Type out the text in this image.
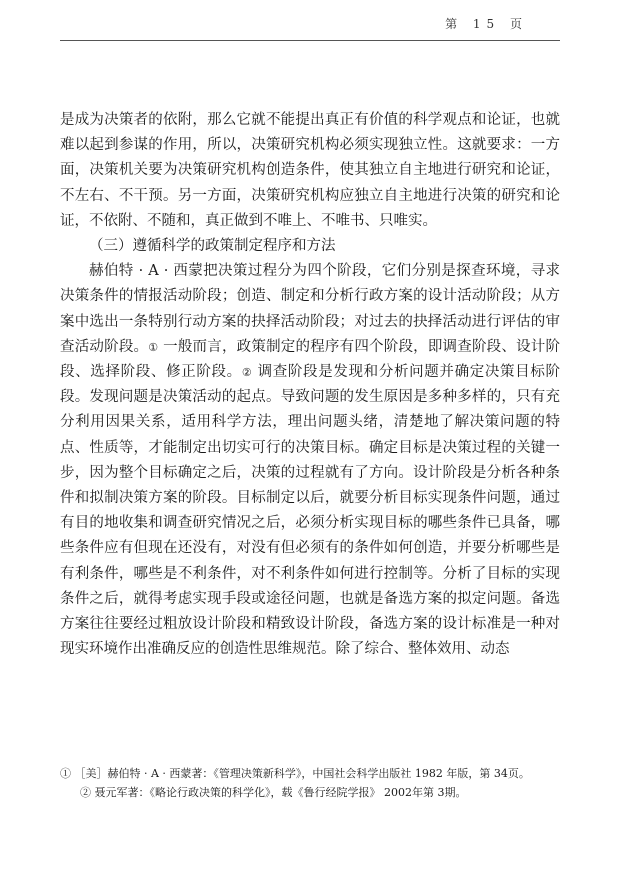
第 15 页

是成为决策者的依附，那么它就不能提出真正有价值的科学观点和论证，也就难以起到参谋的作用，所以，决策研究机构必须实现独立性。这就要求：一方面，决策机关要为决策研究机构创造条件，使其独立自主地进行研究和论证，不左右、不干预。另一方面，决策研究机构应独立自主地进行决策的研究和论证，不依附、不随和，真正做到不唯上、不唯书、只唯实。

（三）遵循科学的政策制定程序和方法

赫伯特 · A · 西蒙把决策过程分为四个阶段，它们分别是探查环境，寻求决策条件的情报活动阶段；创造、制定和分析行政方案的设计活动阶段；从方案中选出一条特别行动方案的抉择活动阶段；对过去的抉择活动进行评估的审查活动阶段。① 一般而言，政策制定的程序有四个阶段，即调查阶段、设计阶段、选择阶段、修正阶段。② 调查阶段是发现和分析问题并确定决策目标阶段。发现问题是决策活动的起点。导致问题的发生原因是多种多样的，只有充分利用因果关系，适用科学方法，理出问题头绪，清楚地了解决策问题的特点、性质等，才能制定出切实可行的决策目标。确定目标是决策过程的关键一步，因为整个目标确定之后，决策的过程就有了方向。设计阶段是分析各种条件和拟制决策方案的阶段。目标制定以后，就要分析目标实现条件问题，通过有目的地收集和调查研究情况之后，必须分析实现目标的哪些条件已具备，哪些条件应有但现在还没有，对没有但必须有的条件如何创造，并要分析哪些是有利条件，哪些是不利条件，对不利条件如何进行控制等。分析了目标的实现条件之后，就得考虑实现手段或途径问题，也就是备选方案的拟定问题。备选方案往往要经过粗放设计阶段和精致设计阶段，备选方案的设计标准是一种对现实环境作出准确反应的创造性思维规范。除了综合、整体效用、动态

① ［美］赫伯特 · A · 西蒙著：《管理决策新科学》，中国社会科学出版社 1982 年版，第 34页。

② 聂元军著：《略论行政决策的科学化》，载《鲁行经院学报》 2002年第 3期。
